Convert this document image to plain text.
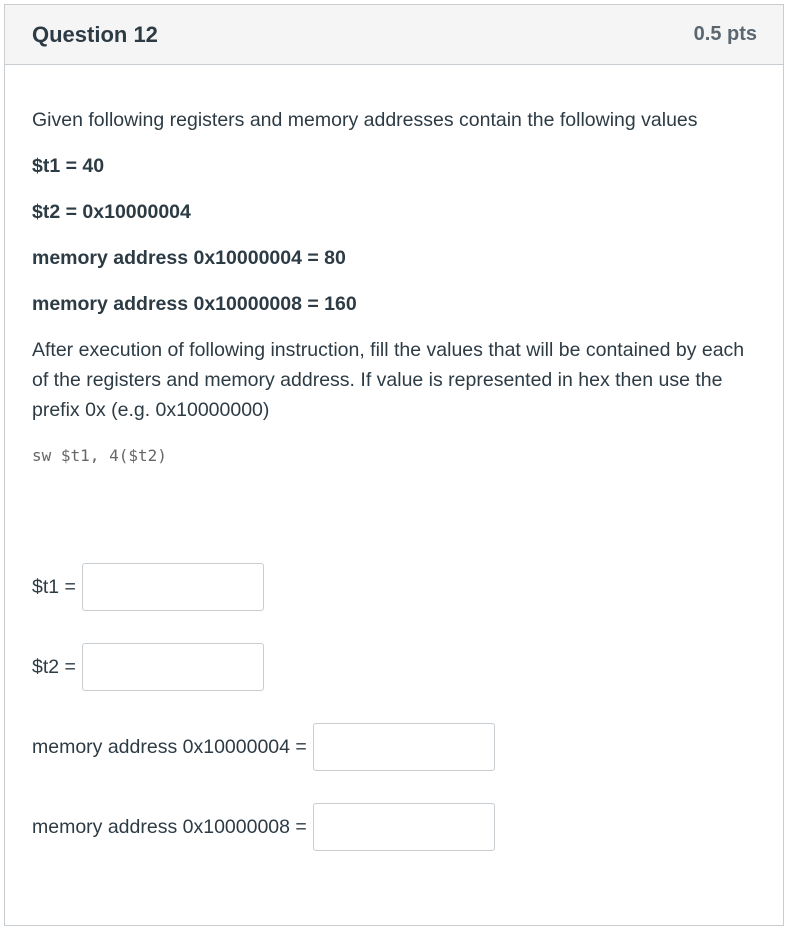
Question 12	0.5 pts

Given following registers and memory addresses contain the following values

$t1 = 40

$t2 = 0x10000004

memory address 0x10000004 = 80

memory address 0x10000008 = 160

After execution of following instruction, fill the values that will be contained by each of the registers and memory address. If value is represented in hex then use the prefix 0x (e.g. 0x10000000)

sw $t1, 4($t2)

$t1 =
$t2 =
memory address 0x10000004 =
memory address 0x10000008 =
